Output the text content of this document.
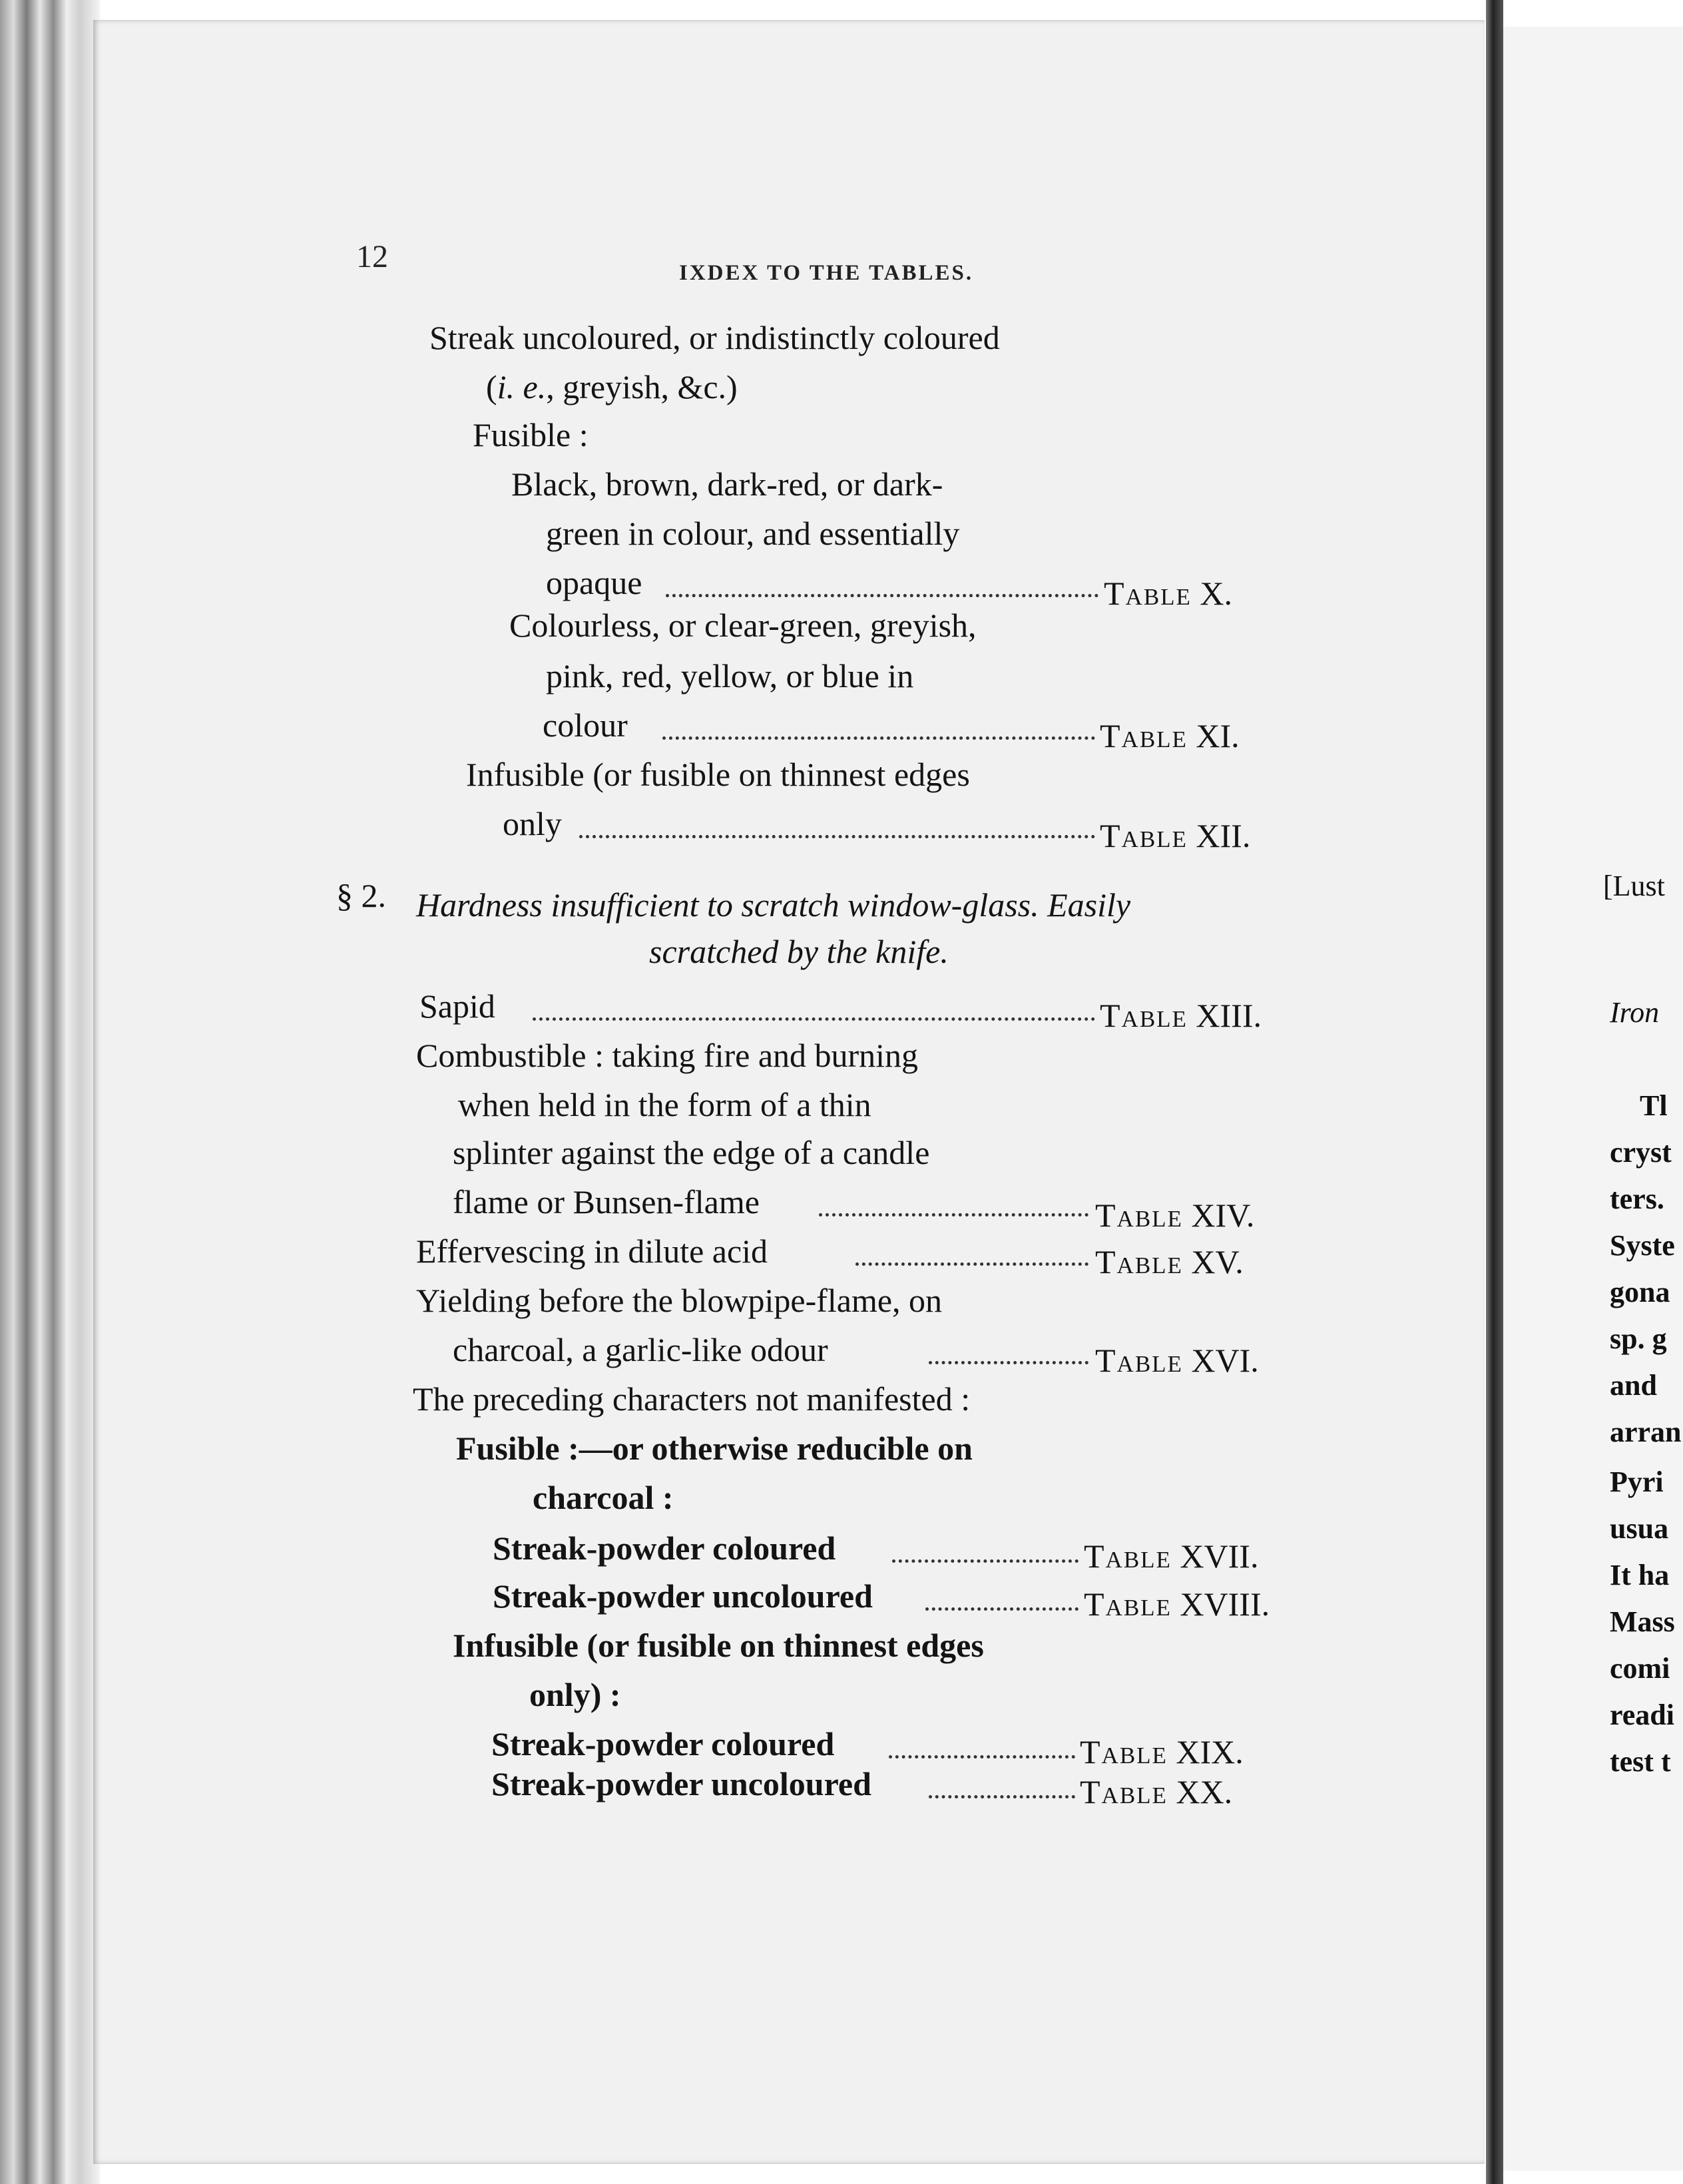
[Lust
Iron
Tl
cryst
ters.
Syste
gona
sp. g
and
arran
Pyri
usua
It ha
Mass
comi
readi
test t
12	IXDEX TO THE TABLES.
Streak uncoloured, or indistinctly coloured
(i. e., greyish, &c.)
Fusible :
Black, brown, dark-red, or dark-
green in colour, and essentially
opaque	Table X.
Colourless, or clear-green, greyish,
pink, red, yellow, or blue in
colour	Table XI.
Infusible (or fusible on thinnest edges
only	Table XII.
§ 2. Hardness insufficient to scratch window-glass. Easily
scratched by the knife.
Sapid	Table XIII.
Combustible : taking fire and burning
when held in the form of a thin
splinter against the edge of a candle
flame or Bunsen-flame	Table XIV.
Effervescing in dilute acid	Table XV.
Yielding before the blowpipe-flame, on
charcoal, a garlic-like odour	Table XVI.
The preceding characters not manifested :
Fusible :—or otherwise reducible on
charcoal :
Streak-powder coloured	Table XVII.
Streak-powder uncoloured	Table XVIII.
Infusible (or fusible on thinnest edges
only) :
Streak-powder coloured	Table XIX.
Streak-powder uncoloured	Table XX.
